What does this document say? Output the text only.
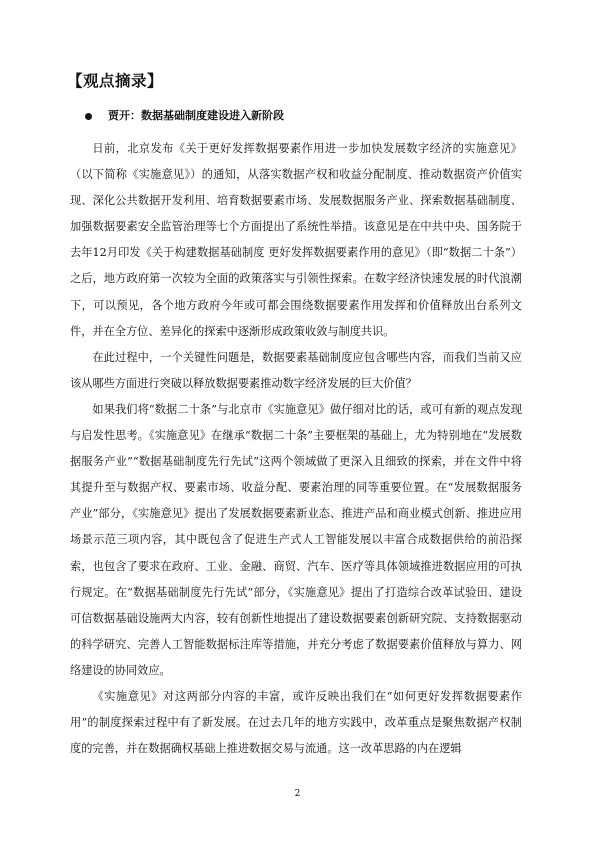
【观点摘录】
贾开：数据基础制度建设进入新阶段

日前，北京发布《关于更好发挥数据要素作用进一步加快发展数字经济的实施意见》（以下简称《实施意见》）的通知，从落实数据产权和收益分配制度、推动数据资产价值实现、深化公共数据开发利用、培育数据要素市场、发展数据服务产业、探索数据基础制度、加强数据要素安全监管治理等七个方面提出了系统性举措。该意见是在中共中央、国务院于去年12月印发《关于构建数据基础制度 更好发挥数据要素作用的意见》（即“数据二十条”）之后，地方政府第一次较为全面的政策落实与引领性探索。在数字经济快速发展的时代浪潮下，可以预见，各个地方政府今年或可都会围绕数据要素作用发挥和价值释放出台系列文件，并在全方位、差异化的探索中逐渐形成政策收敛与制度共识。

在此过程中，一个关键性问题是，数据要素基础制度应包含哪些内容，而我们当前又应该从哪些方面进行突破以释放数据要素推动数字经济发展的巨大价值？

如果我们将“数据二十条”与北京市《实施意见》做仔细对比的话，或可有新的观点发现与启发性思考。《实施意见》在继承“数据二十条”主要框架的基础上，尤为特别地在“发展数据服务产业”“数据基础制度先行先试”这两个领域做了更深入且细致的探索，并在文件中将其提升至与数据产权、要素市场、收益分配、要素治理的同等重要位置。在“发展数据服务产业”部分，《实施意见》提出了发展数据要素新业态、推进产品和商业模式创新、推进应用场景示范三项内容，其中既包含了促进生产式人工智能发展以丰富合成数据供给的前沿探索，也包含了要求在政府、工业、金融、商贸、汽车、医疗等具体领域推进数据应用的可执行规定。在“数据基础制度先行先试”部分，《实施意见》提出了打造综合改革试验田、建设可信数据基础设施两大内容，较有创新性地提出了建设数据要素创新研究院、支持数据驱动的科学研究、完善人工智能数据标注库等措施，并充分考虑了数据要素价值释放与算力、网络建设的协同效应。

《实施意见》对这两部分内容的丰富，或许反映出我们在“如何更好发挥数据要素作用”的制度探索过程中有了新发展。在过去几年的地方实践中，改革重点是聚焦数据产权制度的完善，并在数据确权基础上推进数据交易与流通。这一改革思路的内在逻辑

2
